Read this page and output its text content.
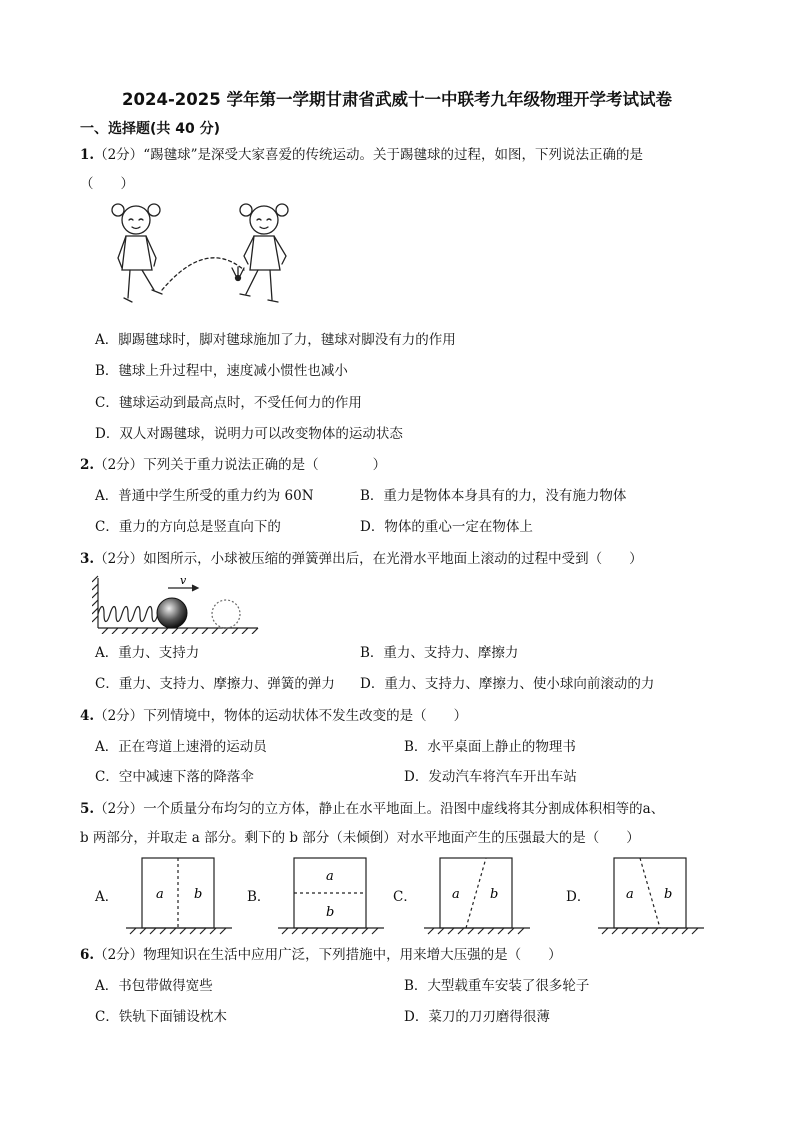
2024-2025 学年第一学期甘肃省武威十一中联考九年级物理开学考试试卷
一、选择题(共 40 分)
1.（2分）“踢毽球”是深受大家喜爱的传统运动。关于踢毽球的过程，如图，下列说法正确的是
（　　）
A．脚踢毽球时，脚对毽球施加了力，毽球对脚没有力的作用
B．毽球上升过程中，速度减小惯性也减小
C．毽球运动到最高点时，不受任何力的作用
D．双人对踢毽球，说明力可以改变物体的运动状态
2.（2分）下列关于重力说法正确的是（　　　　）
A．普通中学生所受的重力约为 60N	B．重力是物体本身具有的力，没有施力物体
C．重力的方向总是竖直向下的	D．物体的重心一定在物体上
3.（2分）如图所示，小球被压缩的弹簧弹出后，在光滑水平地面上滚动的过程中受到（　　）
v
A．重力、支持力	B．重力、支持力、摩擦力
C．重力、支持力、摩擦力、弹簧的弹力 D．重力、支持力、摩擦力、使小球向前滚动的力
4.（2分）下列情境中，物体的运动状体不发生改变的是（　　）
A．正在弯道上速滑的运动员	B．水平桌面上静止的物理书
C．空中减速下落的降落伞	D．发动汽车将汽车开出车站
5.（2分）一个质量分布均匀的立方体，静止在水平地面上。沿图中虚线将其分割成体积相等的a、
b 两部分，并取走 a 部分。剩下的 b 部分（未倾倒）对水平地面产生的压强最大的是（　　）
A．	B．	C．	D．
a b
a
b
a b	a b
6.（2分）物理知识在生活中应用广泛，下列措施中，用来增大压强的是（　　）
A．书包带做得宽些	B．大型载重车安装了很多轮子
C．铁轨下面铺设枕木	D．菜刀的刀刃磨得很薄
